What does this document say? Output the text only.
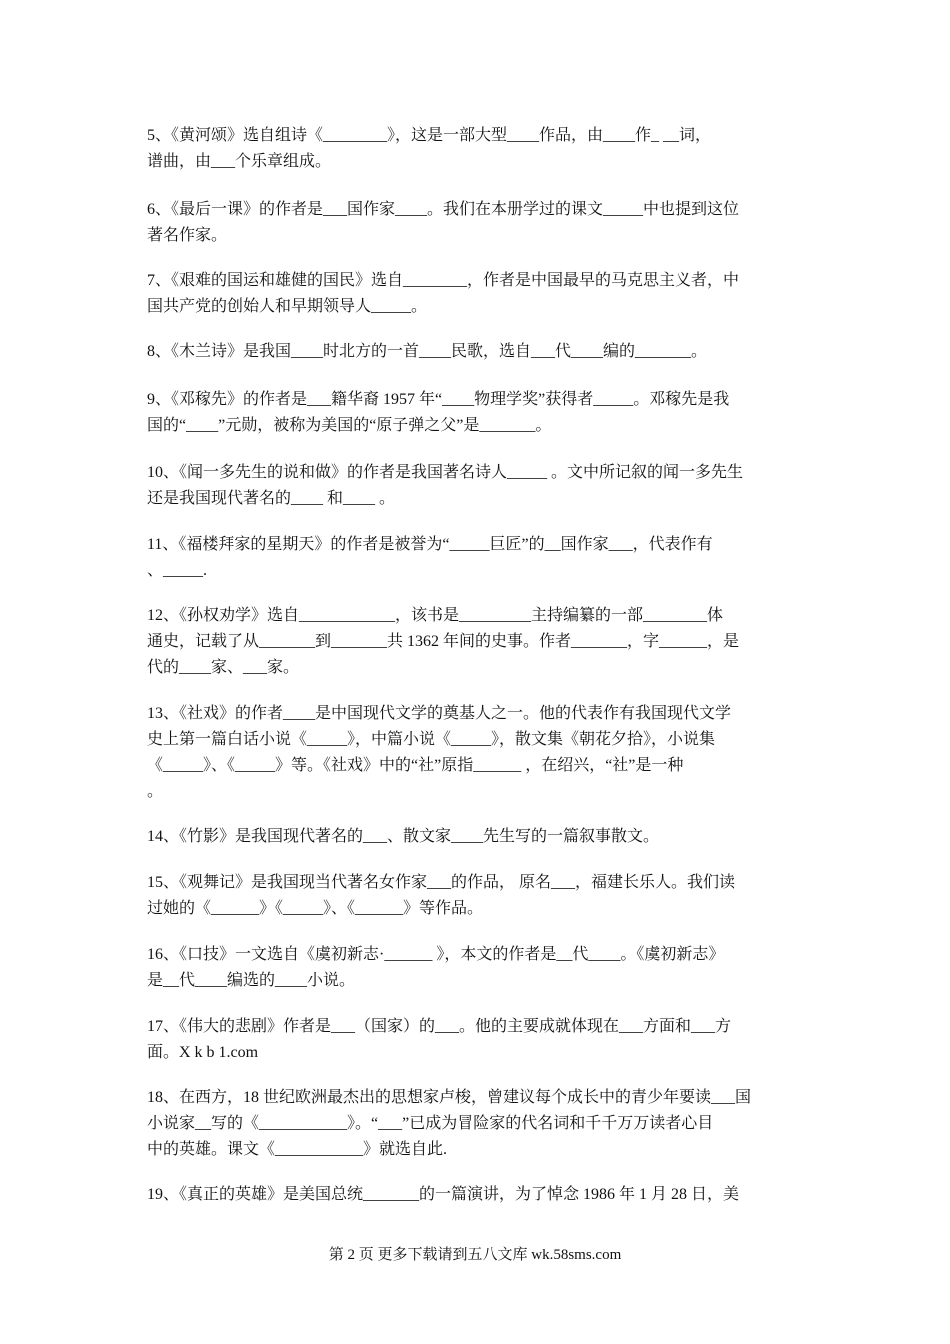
5、《黄河颂》选自组诗《________》，这是一部大型____作品，由____作_ __词，
谱曲，由___个乐章组成。

6、《最后一课》的作者是___国作家____。我们在本册学过的课文_____中也提到这位
著名作家。

7、《艰难的国运和雄健的国民》选自________，作者是中国最早的马克思主义者，中
国共产党的创始人和早期领导人_____。

8、《木兰诗》是我国____时北方的一首____民歌，选自___代____编的_______。

9、《邓稼先》的作者是___籍华裔 1957 年“____物理学奖”获得者_____。邓稼先是我
国的“____”元勋，被称为美国的“原子弹之父”是_______。

10、《闻一多先生的说和做》的作者是我国著名诗人_____ 。文中所记叙的闻一多先生
还是我国现代著名的____ 和____ 。

11、《福楼拜家的星期天》的作者是被誉为“_____巨匠”的__国作家___，代表作有
、_____.

12、《孙权劝学》选自____________，该书是_________主持编纂的一部________体
通史，记载了从_______到_______共 1362 年间的史事。作者_______，字______，是
代的____家、___家。

13、《社戏》的作者____是中国现代文学的奠基人之一。他的代表作有我国现代文学
史上第一篇白话小说《_____》，中篇小说《_____》，散文集《朝花夕拾》，小说集
《_____》、《_____》等。《社戏》中的“社”原指______ ，在绍兴，“社”是一种
。

14、《竹影》是我国现代著名的___、散文家____先生写的一篇叙事散文。

15、《观舞记》是我国现当代著名女作家___的作品， 原名___，福建长乐人。我们读
过她的《______》《_____》、《______》等作品。

16、《口技》一文选自《虞初新志·______ 》，本文的作者是__代____。《虞初新志》
是__代____编选的____小说。

17、《伟大的悲剧》作者是___（国家）的___。他的主要成就体现在___方面和___方
面。X k b 1.com

18、在西方，18 世纪欧洲最杰出的思想家卢梭，曾建议每个成长中的青少年要读___国
小说家__写的《___________》。“___”已成为冒险家的代名词和千千万万读者心目
中的英雄。课文《___________》就选自此.

19、《真正的英雄》是美国总统_______的一篇演讲，为了悼念 1986 年 1 月 28 日，美

第 2 页 更多下载请到五八文库 wk.58sms.com
